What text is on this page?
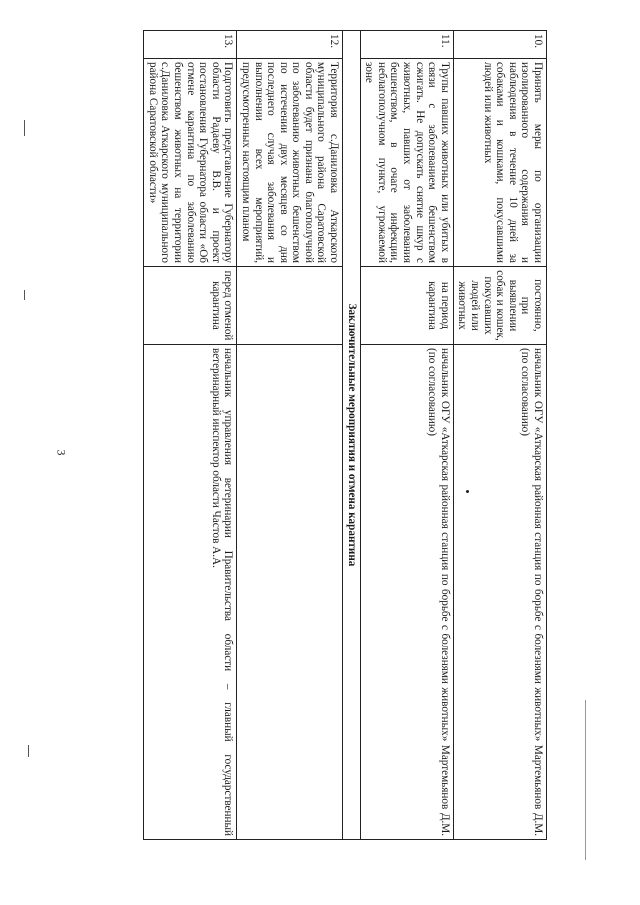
3
10.	Принять меры по организации изолированного содержания и наблюдения в течение 10 дней за собаками и кошками, покусавшими людей или животных	постоянно, при выявлении собак и кошек, покусавших людей или животных	начальник ОГУ «Аткарская районная станция по борьбе с болезнями животных» Мартемьянов Д.М. (по согласованию)

11.	Трупы павших животных или убитых в связи с заболеванием бешенством сжигать. Не допускать снятие шкур с животных, павших от заболевания бешенством, в очаге инфекции, неблагополучном пункте, угрожаемой зоне	на период карантина	начальник ОГУ «Аткарская районная станция по борьбе с болезнями животных» Мартемьянов Д.М. (по согласованию)
Заключительные мероприятия и отмена карантина			
12.	Территория с.Даниловка Аткарского муниципального района Саратовской области будет признана благополучной по заболеванию животных бешенством по истечении двух месяцев со дня последнего случая заболевания и выполнении всех мероприятий, предусмотренных настоящим планом		
13.	Подготовить представление Губернатору области Радаеву В.В. и проект постановления Губернатора области «Об отмене карантина по заболеванию бешенством животных на территории с.Даниловка Аткарского муниципального района Саратовской области»	перед отменой карантина	начальник управления ветеринарии Правительства области – главный государственный ветеринарный инспектор области Частов А.А.
